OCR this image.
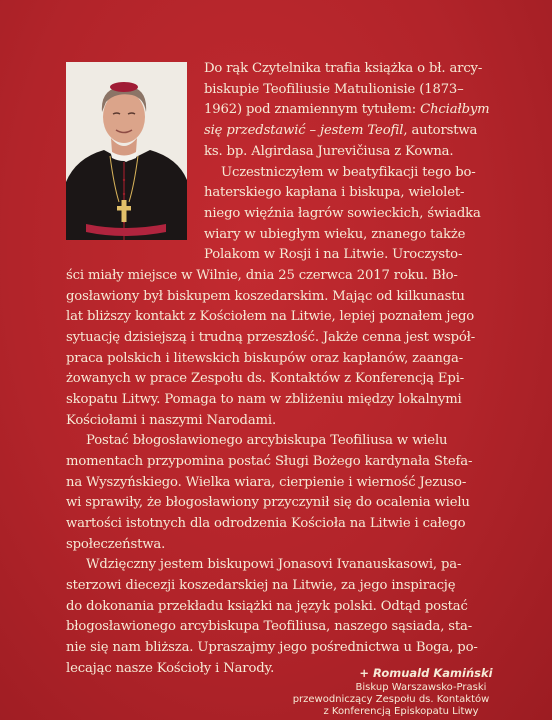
Do rąk Czytelnika trafia książka o bł. arcy-
biskupie Teofiliusie Matulionisie (1873–
1962) pod znamiennym tytułem: Chciałbym
się przedstawić – jestem Teofil, autorstwa
ks. bp. Algirdasa Jurevičiusa z Kowna.
Uczestniczyłem w beatyfikacji tego bo-
haterskiego kapłana i biskupa, wielolet-
niego więźnia łagrów sowieckich, świadka
wiary w ubiegłym wieku, znanego także
Polakom w Rosji i na Litwie. Uroczysto-
ści miały miejsce w Wilnie, dnia 25 czerwca 2017 roku. Bło-
gosławiony był biskupem koszedarskim. Mając od kilkunastu
lat bliższy kontakt z Kościołem na Litwie, lepiej poznałem jego
sytuację dzisiejszą i trudną przeszłość. Jakże cenna jest współ-
praca polskich i litewskich biskupów oraz kapłanów, zaanga-
żowanych w prace Zespołu ds. Kontaktów z Konferencją Epi-
skopatu Litwy. Pomaga to nam w zbliżeniu między lokalnymi
Kościołami i naszymi Narodami.
Postać błogosławionego arcybiskupa Teofiliusa w wielu
momentach przypomina postać Sługi Bożego kardynała Stefa-
na Wyszyńskiego. Wielka wiara, cierpienie i wierność Jezuso-
wi sprawiły, że błogosławiony przyczynił się do ocalenia wielu
wartości istotnych dla odrodzenia Kościoła na Litwie i całego
społeczeństwa.
Wdzięczny jestem biskupowi Jonasovi Ivanauskasowi, pa-
sterzowi diecezji koszedarskiej na Litwie, za jego inspirację
do dokonania przekładu książki na język polski. Odtąd postać
błogosławionego arcybiskupa Teofiliusa, naszego sąsiada, sta-
nie się nam bliższa. Upraszajmy jego pośrednictwa u Boga, po-
lecając nasze Kościoły i Narody.	+ Romuald Kamiński
Biskup Warszawsko-Praski
przewodniczący Zespołu ds. Kontaktów
z Konferencją Episkopatu Litwy
